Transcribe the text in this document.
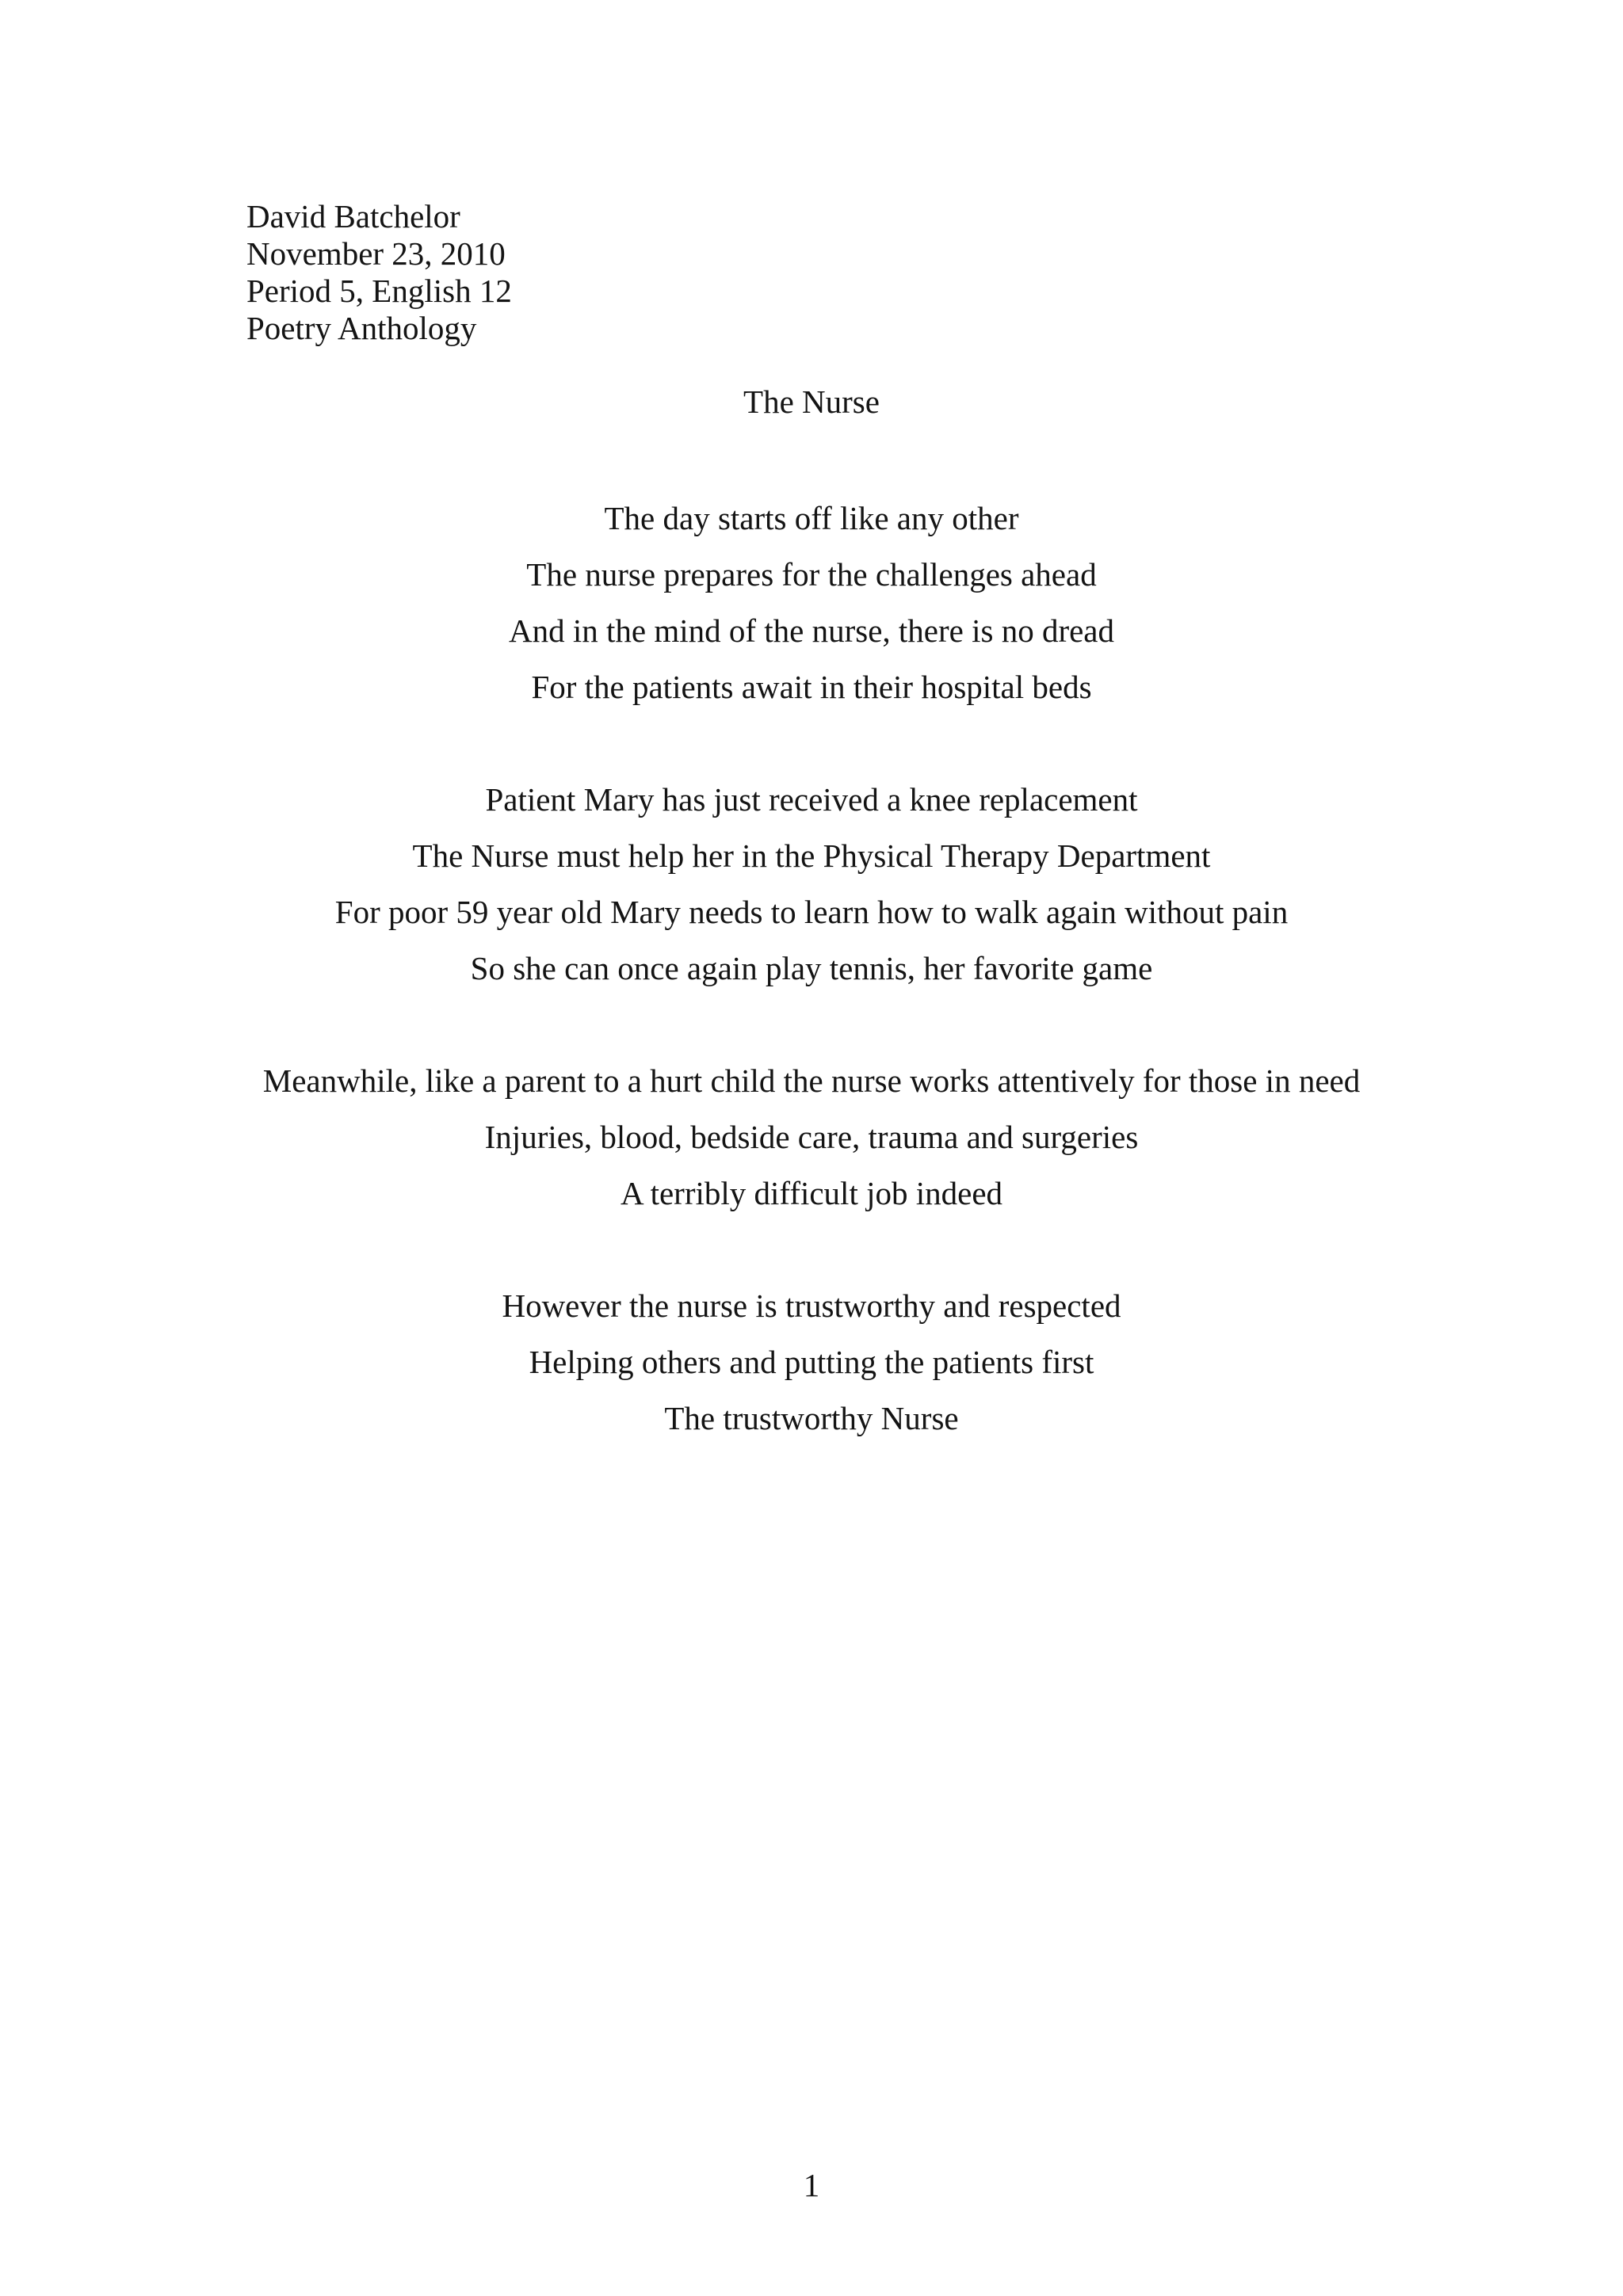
David Batchelor
November 23, 2010
Period 5, English 12
Poetry Anthology
The Nurse
The day starts off like any other
The nurse prepares for the challenges ahead
And in the mind of the nurse, there is no dread
For the patients await in their hospital beds
Patient Mary has just received a knee replacement
The Nurse must help her in the Physical Therapy Department
For poor 59 year old Mary needs to learn how to walk again without pain
So she can once again play tennis, her favorite game
Meanwhile, like a parent to a hurt child the nurse works attentively for those in need
Injuries, blood, bedside care, trauma and surgeries
A terribly difficult job indeed
However the nurse is trustworthy and respected
Helping others and putting the patients first
The trustworthy Nurse
1
